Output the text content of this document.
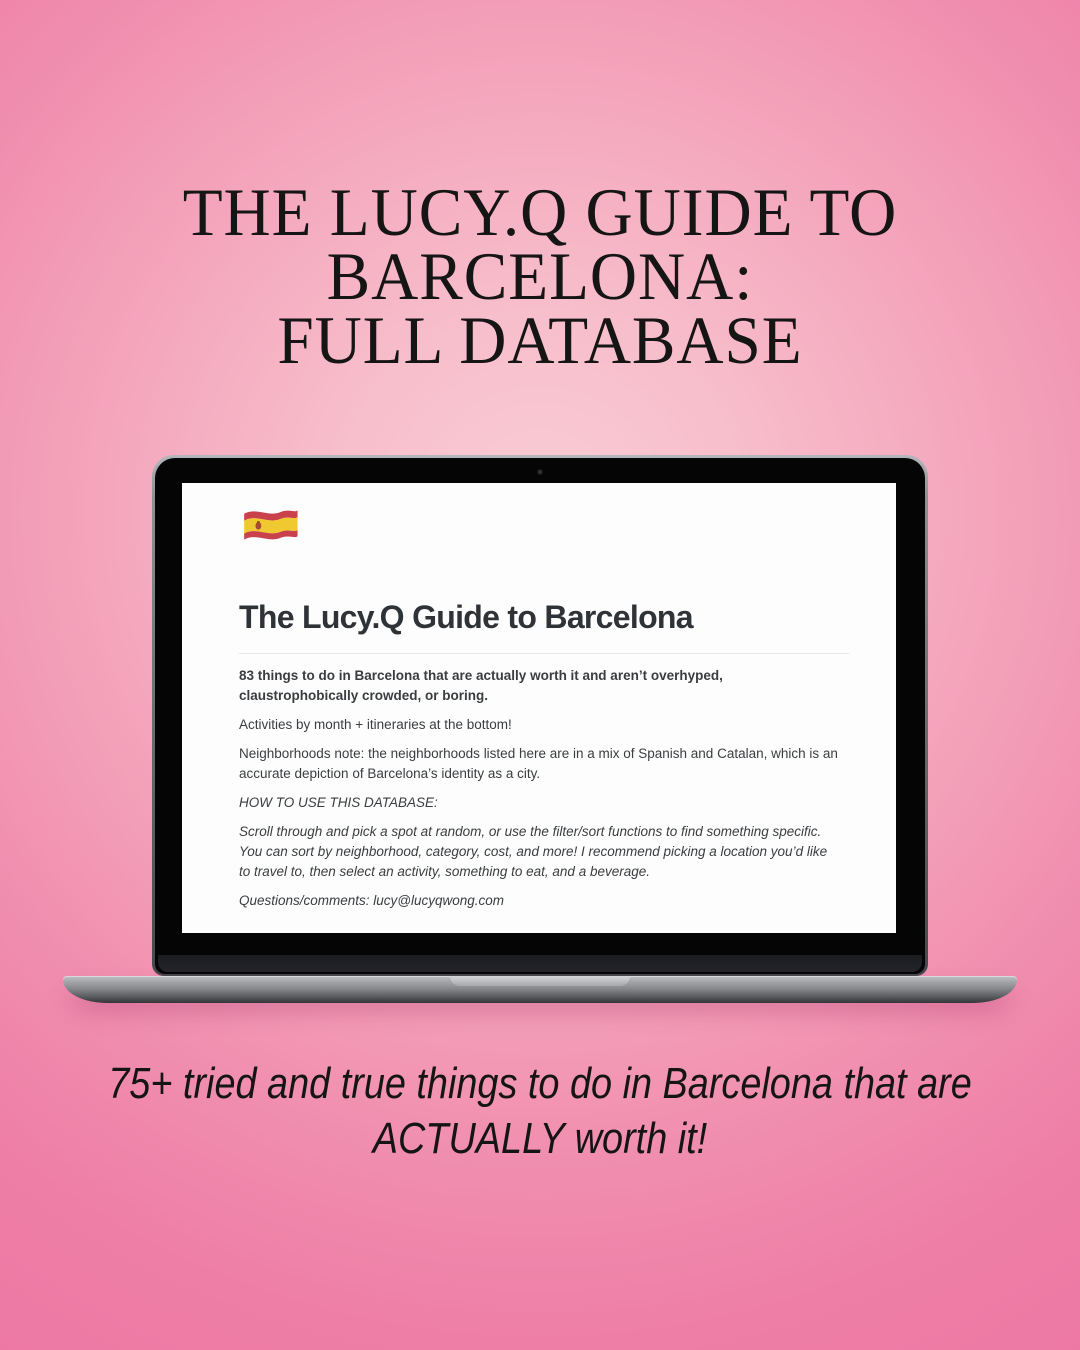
THE LUCY.Q GUIDE TO
BARCELONA:
FULL DATABASE
The Lucy.Q Guide to Barcelona

83 things to do in Barcelona that are actually worth it and aren’t overhyped, claustrophobically crowded, or boring.

Activities by month + itineraries at the bottom!

Neighborhoods note: the neighborhoods listed here are in a mix of Spanish and Catalan, which is an accurate depiction of Barcelona’s identity as a city.

HOW TO USE THIS DATABASE:

Scroll through and pick a spot at random, or use the filter/sort functions to find something specific. You can sort by neighborhood, category, cost, and more! I recommend picking a location you’d like to travel to, then select an activity, something to eat, and a beverage.

Questions/comments: lucy@lucyqwong.com

75+ tried and true things to do in Barcelona that are ACTUALLY worth it!
